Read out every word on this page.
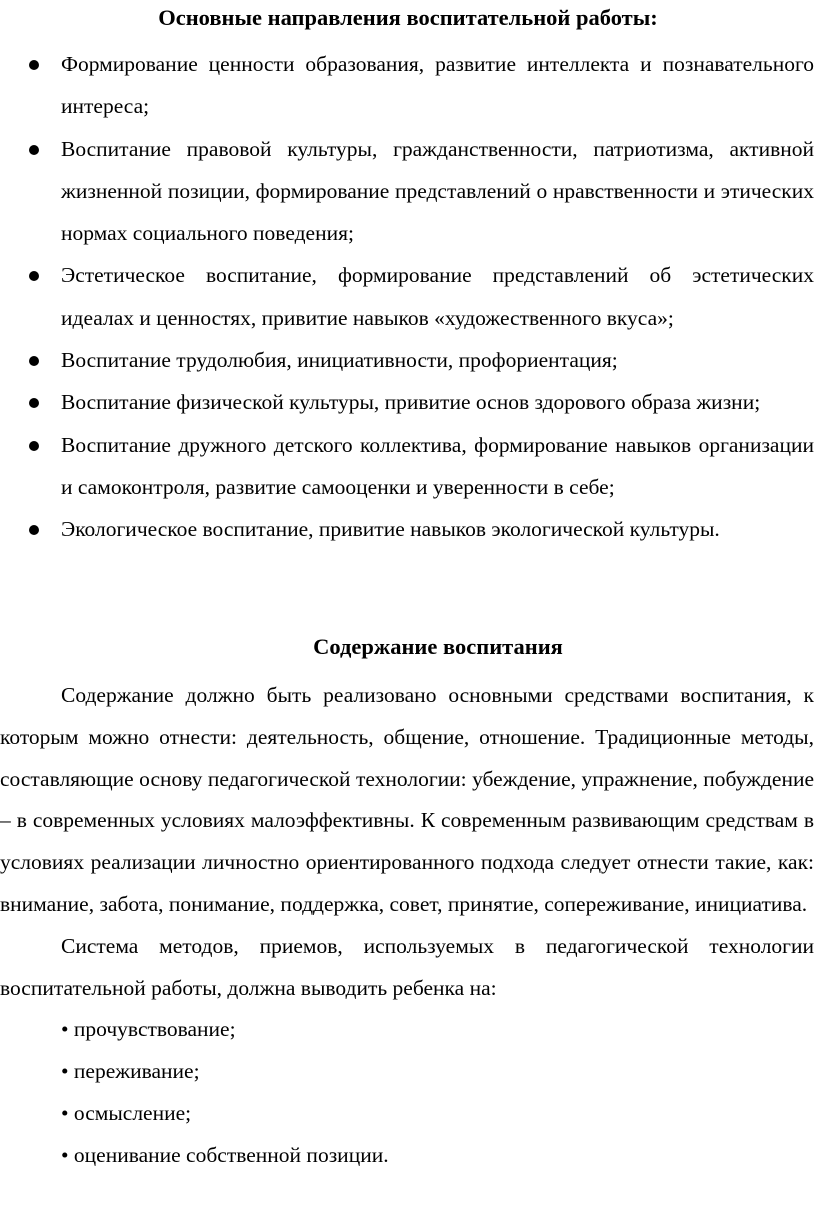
Основные направления воспитательной работы:
Формирование ценности образования, развитие интеллекта и познавательного интереса;
Воспитание правовой культуры, гражданственности, патриотизма, активной жизненной позиции, формирование представлений о нравственности и этических нормах социального поведения;
Эстетическое воспитание, формирование представлений об эстетических идеалах и ценностях, привитие навыков «художественного вкуса»;
Воспитание трудолюбия, инициативности, профориентация;
Воспитание физической культуры, привитие основ здорового образа жизни;
Воспитание дружного детского коллектива, формирование навыков организации и самоконтроля, развитие самооценки и уверенности в себе;
Экологическое воспитание, привитие навыков экологической культуры.
Содержание воспитания

Содержание должно быть реализовано основными средствами воспитания, к которым можно отнести: деятельность, общение, отношение. Традиционные методы, составляющие основу педагогической технологии: убеждение, упражнение, побуждение – в современных условиях малоэффективны. К современным развивающим средствам в условиях реализации личностно ориентированного подхода следует отнести такие, как: внимание, забота, понимание, поддержка, совет, принятие, сопереживание, инициатива.

Система методов, приемов, используемых в педагогической технологии воспитательной работы, должна выводить ребенка на:

• прочувствование;
• переживание;
• осмысление;
• оценивание собственной позиции.
